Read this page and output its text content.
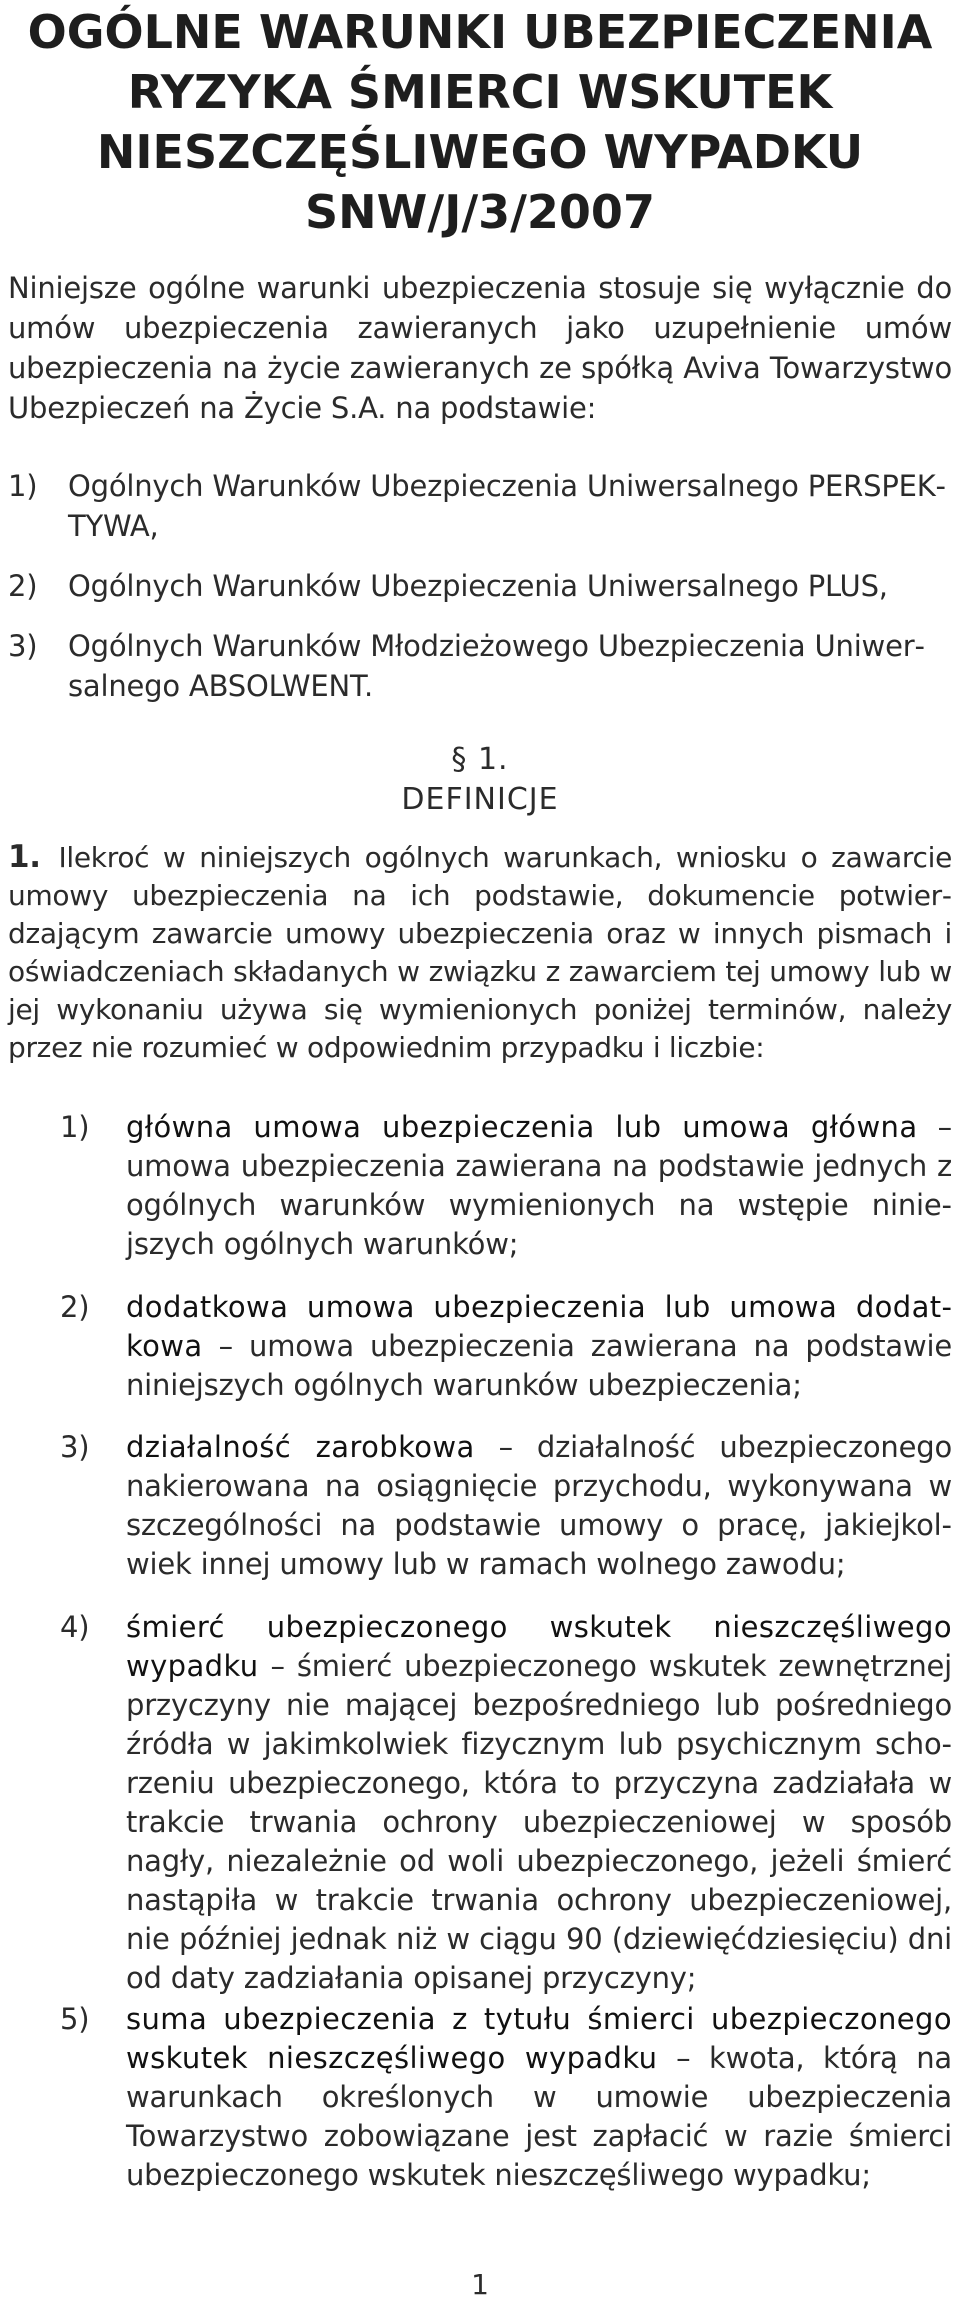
OGÓLNE WARUNKI UBEZPIECZENIA
RYZYKA ŚMIERCI WSKUTEK
NIESZCZĘŚLIWEGO WYPADKU
SNW/J/3/2007

Niniejsze ogólne warunki ubezpieczenia stosuje się wyłącznie do umów ubezpieczenia zawieranych jako uzupełnienie umów ubezpieczenia na życie zawieranych ze spółką Aviva Towarzystwo Ubezpieczeń na Życie S.A. na podstawie:

1) Ogólnych Warunków Ubezpieczenia Uniwersalnego PERSPEKTYWA,
2) Ogólnych Warunków Ubezpieczenia Uniwersalnego PLUS,
3) Ogólnych Warunków Młodzieżowego Ubezpieczenia Uniwersalnego ABSOLWENT.
§ 1.
DEFINICJE
1. Ilekroć w niniejszych ogólnych warunkach, wniosku o zawarcie umowy ubezpieczenia na ich podstawie, dokumencie potwierdzającym zawarcie umowy ubezpieczenia oraz w innych pismach i oświadczeniach składanych w związku z zawarciem tej umowy lub w jej wykonaniu używa się wymienionych poniżej terminów, należy przez nie rozumieć w odpowiednim przypadku i liczbie:
1) główna umowa ubezpieczenia lub umowa główna – umowa ubezpieczenia zawierana na podstawie jednych z ogólnych warunków wymienionych na wstępie niniejszych ogólnych warunków;
2) dodatkowa umowa ubezpieczenia lub umowa dodatkowa – umowa ubezpieczenia zawierana na podstawie niniejszych ogólnych warunków ubezpieczenia;
3) działalność zarobkowa – działalność ubezpieczonego nakierowana na osiągnięcie przychodu, wykonywana w szczególności na podstawie umowy o pracę, jakiejkolwiek innej umowy lub w ramach wolnego zawodu;
4) śmierć ubezpieczonego wskutek nieszczęśliwego wypadku – śmierć ubezpieczonego wskutek zewnętrznej przyczyny nie mającej bezpośredniego lub pośredniego źródła w jakimkolwiek fizycznym lub psychicznym schorzeniu ubezpieczonego, która to przyczyna zadziałała w trakcie trwania ochrony ubezpieczeniowej w sposób nagły, niezależnie od woli ubezpieczonego, jeżeli śmierć nastąpiła w trakcie trwania ochrony ubezpieczeniowej, nie później jednak niż w ciągu 90 (dziewięćdziesięciu) dni od daty zadziałania opisanej przyczyny;
5) suma ubezpieczenia z tytułu śmierci ubezpieczonego wskutek nieszczęśliwego wypadku – kwota, którą na warunkach określonych w umowie ubezpieczenia Towarzystwo zobowiązane jest zapłacić w razie śmierci ubezpieczonego wskutek nieszczęśliwego wypadku;
1
